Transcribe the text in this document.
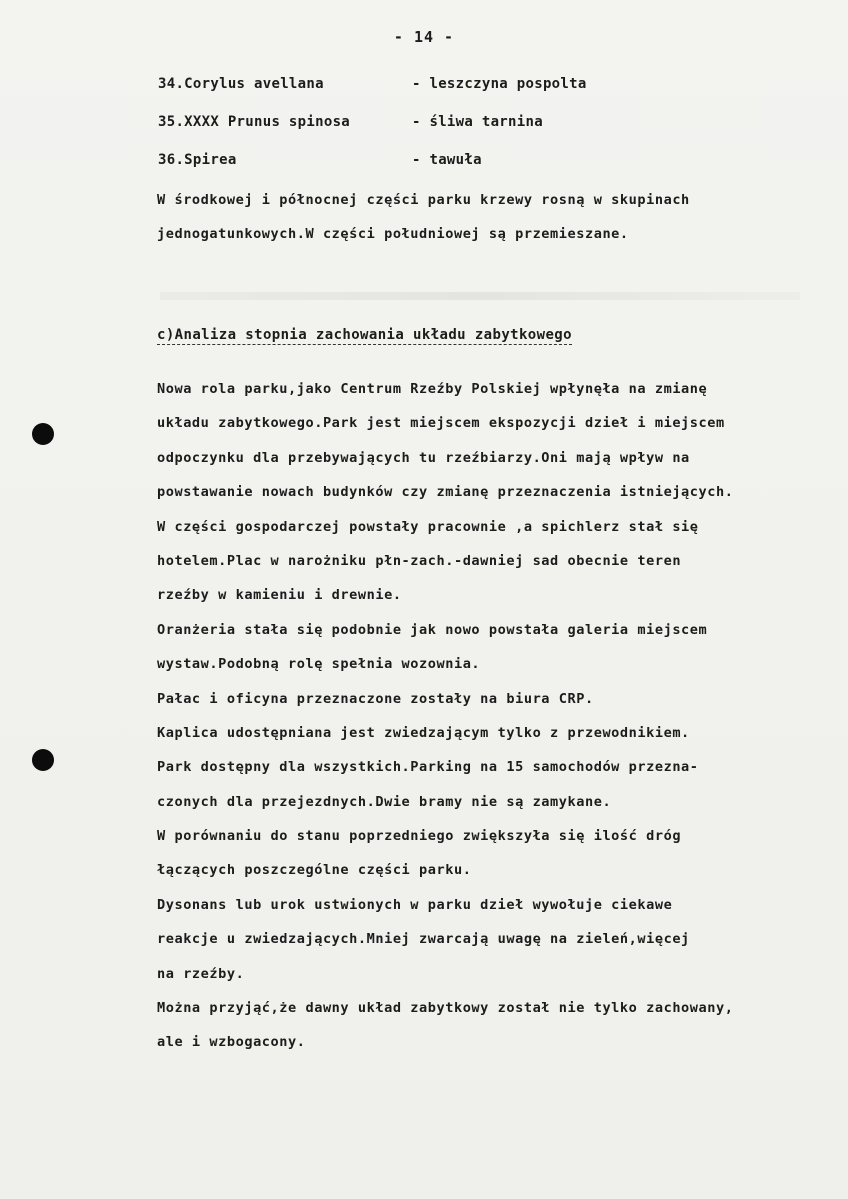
- 14 -
34.Corylus avellana	- leszczyna pospolta
35.XXXX Prunus spinosa	- śliwa tarnina
36.Spirea	- tawuła
W środkowej i północnej części parku krzewy rosną w skupinach
jednogatunkowych.W części południowej są przemieszane.
c)Analiza stopnia zachowania układu zabytkowego
Nowa rola parku,jako Centrum Rzeźby Polskiej wpłynęła na zmianę
układu zabytkowego.Park jest miejscem ekspozycji dzieł i miejscem
odpoczynku dla przebywających tu rzeźbiarzy.Oni mają wpływ na
powstawanie nowach budynków czy zmianę przeznaczenia istniejących.
W części gospodarczej powstały pracownie ,a spichlerz stał się
hotelem.Plac w narożniku płn-zach.-dawniej sad obecnie teren
rzeźby w kamieniu i drewnie.
Oranżeria stała się podobnie jak nowo powstała galeria miejscem
wystaw.Podobną rolę spełnia wozownia.
Pałac i oficyna przeznaczone zostały na biura CRP.
Kaplica udostępniana jest zwiedzającym tylko z przewodnikiem.
Park dostępny dla wszystkich.Parking na 15 samochodów przezna-
czonych dla przejezdnych.Dwie bramy nie są zamykane.
W porównaniu do stanu poprzedniego zwiększyła się ilość dróg
łączących poszczególne części parku.
Dysonans lub urok ustwionych w parku dzieł wywołuje ciekawe
reakcje u zwiedzających.Mniej zwarcają uwagę na zieleń,więcej
na rzeźby.
Można przyjąć,że dawny układ zabytkowy został nie tylko zachowany,
ale i wzbogacony.
